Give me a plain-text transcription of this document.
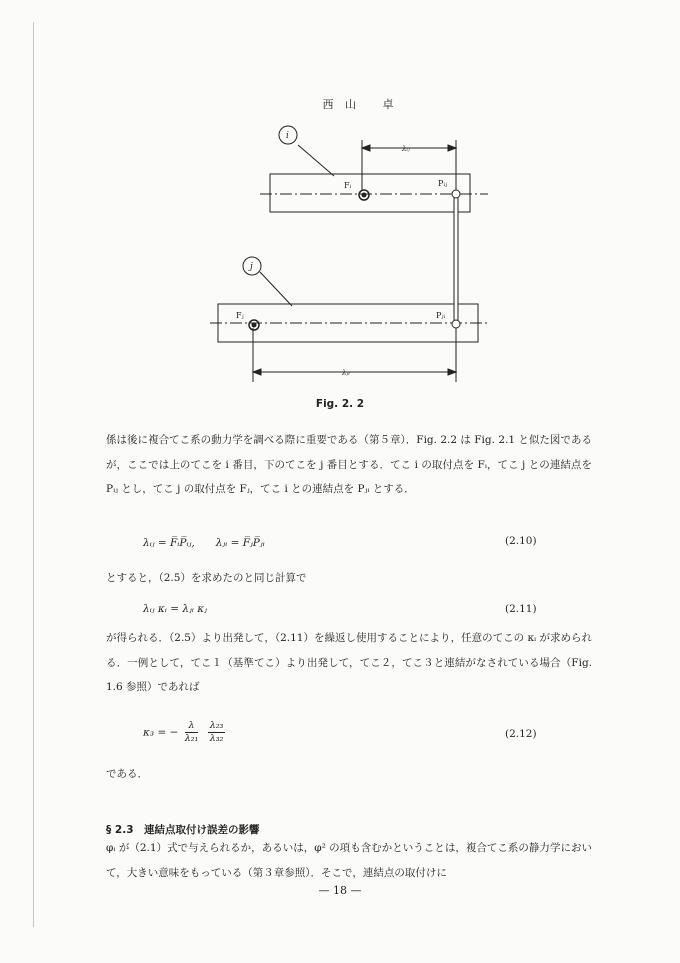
西 山　 卓
i
j
λᵢⱼ
λⱼᵢ
Fᵢ	Pᵢⱼ
Fⱼ	Pⱼᵢ
Fig. 2. 2

係は後に複合てこ系の動力学を調べる際に重要である（第５章）．Fig. 2.2 は Fig. 2.1 と似た図であるが，ここでは上のてこを i 番目，下のてこを j 番目とする．てこ i の取付点を Fᵢ，てこ j との連結点を Pᵢⱼ とし，てこ j の取付点を Fⱼ，てこ i との連結点を Pⱼᵢ とする．

λᵢⱼ = F̅ᵢP̅ᵢⱼ,　　λⱼᵢ = F̅ⱼP̅ⱼᵢ	(2.10)

とすると，（2.5）を求めたのと同じ計算で

λᵢⱼ κᵢ = λⱼᵢ κⱼ	(2.11)

が得られる．（2.5）より出発して，（2.11）を繰返し使用することにより，任意のてこの κᵢ が求められる．一例として，てこ１（基準てこ）より出発して，てこ２，てこ３と連結がなされている場合（Fig. 1.6 参照）であれば

κ₃ = − $\frac{\lambda}{\text{λ₂₁}}$
$\frac{\text{λ₂₃}}{\text{λ₃₂}}$	(2.12)

である．

§ 2.3　連結点取付け誤差の影響

φᵢ が（2.1）式で与えられるか，あるいは，φ² の項も含むかということは，複合てこ系の静力学において，大きい意味をもっている（第３章参照）．そこで，連結点の取付けに

— 18 —
